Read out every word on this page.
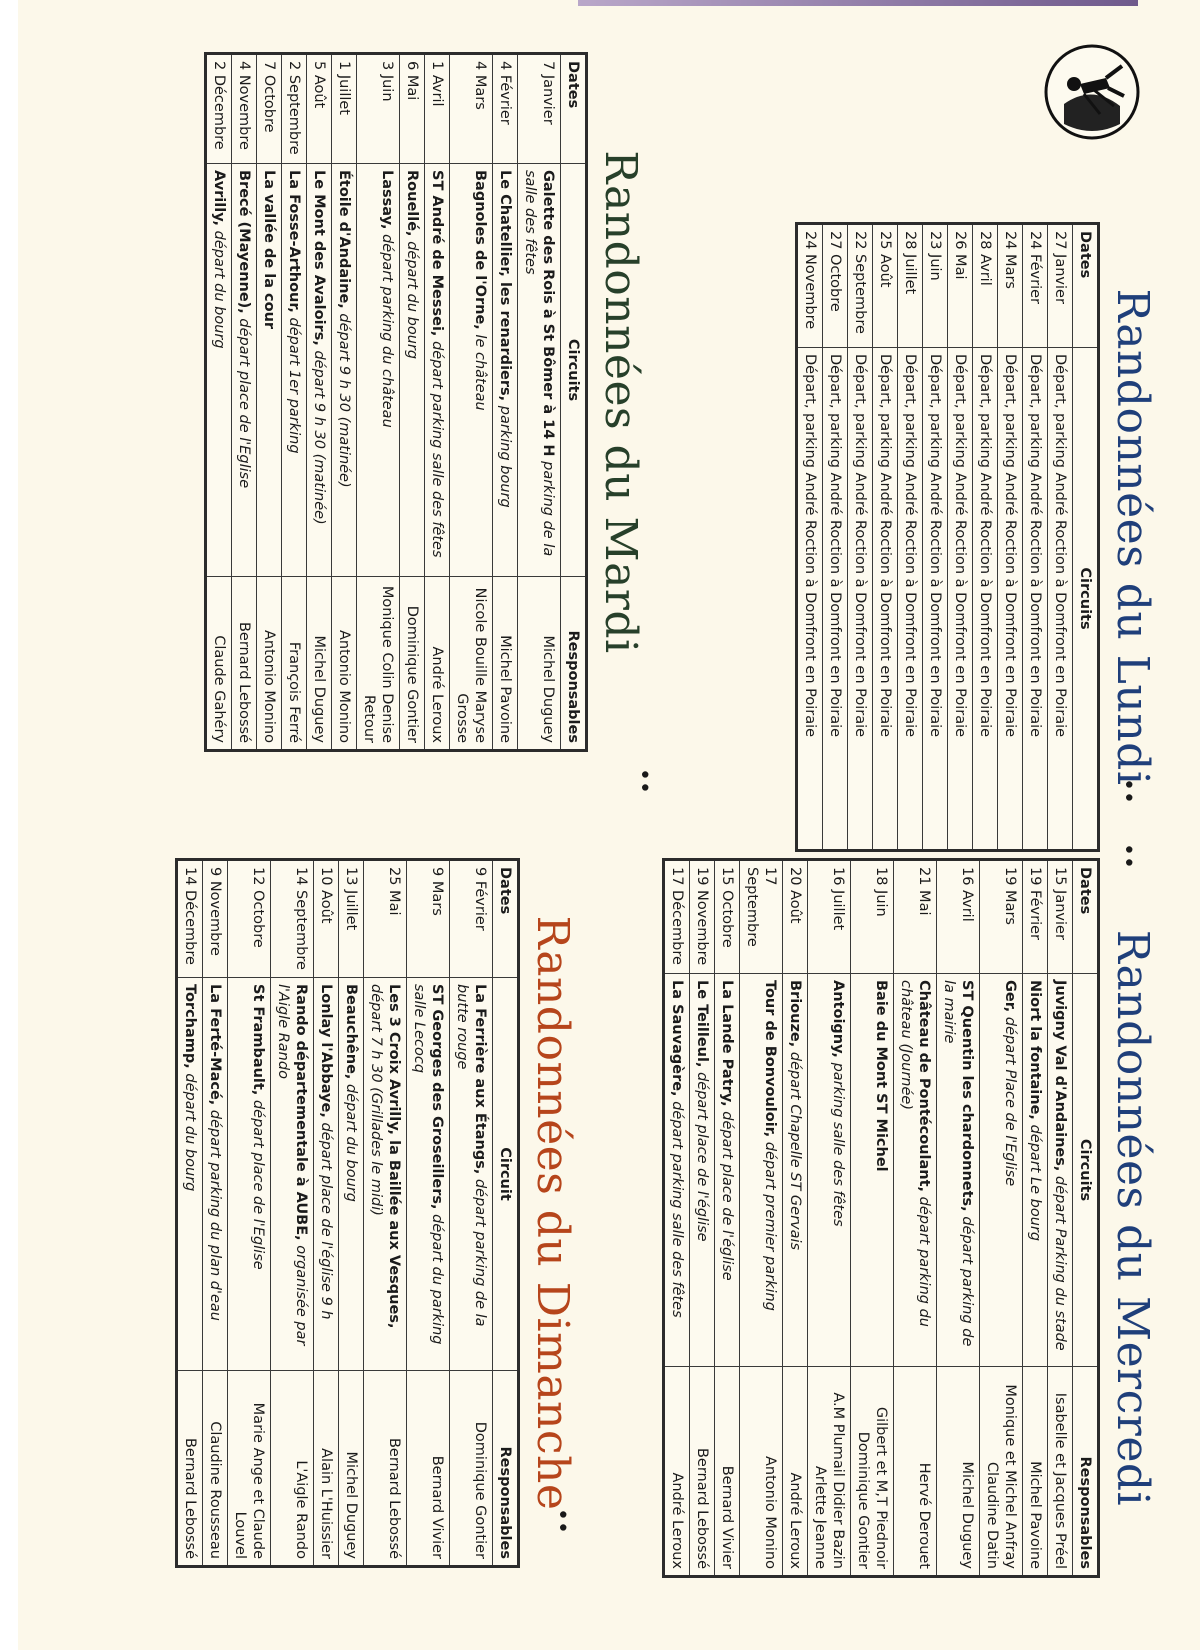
Randonnées du Lundi
Dates	Circuits
27 Janvier	Départ, parking André Roction à Domfront en Poiraie
24 Février	Départ, parking André Roction à Domfront en Poiraie
24 Mars	Départ, parking André Roction à Domfront en Poiraie
28 Avril	Départ, parking André Roction à Domfront en Poiraie
26 Mai	Départ, parking André Roction à Domfront en Poiraie
23 Juin	Départ, parking André Roction à Domfront en Poiraie
28 Juillet	Départ, parking André Roction à Domfront en Poiraie
25 Août	Départ, parking André Roction à Domfront en Poiraie
22 Septembre	Départ, parking André Roction à Domfront en Poiraie
27 Octobre	Départ, parking André Roction à Domfront en Poiraie
24 Novembre	Départ, parking André Roction à Domfront en Poiraie
Randonnées du Mardi
Dates	Circuits	Responsables
7 Janvier	Galette des Rois à St Bômer à 14 H parking de la salle des fêtes	Michel Duguey
4 Février	Le Chatellier, les renardiers, parking bourg	Michel Pavoine
4 Mars	Bagnoles de l'Orne, le château	Nicole Bouille Maryse Grosse
1 Avril	ST André de Messei, départ parking salle des fêtes	André Leroux
6 Mai	Rouellé, départ du bourg	Dominique Gontier
3 Juin	Lassay, départ parking du château	Monique Colin Denise Retour
1 Juillet	Étoile d'Andaine, départ 9 h 30 (matinée)	Antonio Monino
5 Août	Le Mont des Avaloirs, départ 9 h 30 (matinée)	Michel Duguey
2 Septembre	La Fosse-Arthour, départ 1er parking	François Ferré
7 Octobre	La vallée de la cour	Antonio Monino
4 Novembre	Brecé (Mayenne), départ place de l'Eglise	Bernard Lebossé
2 Décembre	Avrilly, départ du bourg	Claude Gahéry
Randonnées du Mercredi
Dates	Circuits	Responsables
15 Janvier	Juvigny Val d'Andaines, départ Parking du stade	Isabelle et Jacques Préel
19 Février	Niort la fontaine, départ Le bourg	Michel Pavoine
19 Mars	Ger, départ Place de l'Eglise	Monique et Michel Anfray Claudine Datin
16 Avril	ST Quentin les chardonnets, départ parking de la mairie	Michel Duguey
21 Mai	Château de Pontécoulant, départ parking du château (Journée)	Hervé Derouet
18 Juin	Baie du Mont ST Michel	Gilbert et M,T Piednoir Dominique Gontier
16 Juillet	Antoigny, parking salle des fêtes	A.M Plumail Didier Bazin Arlette Jeanne
20 Août	Briouze, départ Chapelle ST Gervais	André Leroux
17 Septembre	Tour de Bonvouloir, départ premier parking	Antonio Monino
15 Octobre	La Lande Patry, départ place de l'église	Bernard Vivier
19 Novembre	Le Teilleul, départ place de l'église	Bernard Lebossé
17 Décembre	La Sauvagère, départ parking salle des fêtes	André Leroux
Randonnées du Dimanche
Dates	Circuit	Responsables
9 Février	La Ferrière aux Étangs, départ parking de la butte rouge	Dominique Gontier
9 Mars	ST Georges des Groseillers, départ du parking salle Lecocq	Bernard Vivier
25 Mai	Les 3 Croix Avrilly, la Baillée aux Vesques, départ 7 h 30 (Grillades le midi)	Bernard Lebossé
13 Juillet	Beauchêne, départ du bourg	Michel Duguey
10 Août	Lonlay l'Abbaye, départ place de l'église 9 h	Alain L'Huissier
14 Septembre	Rando départementale à AUBE, organisée par l'Aigle Rando	L'Aigle Rando
12 Octobre	St Frambault, départ place de l'Eglise	Marie Ange et Claude Louvel
9 Novembre	La Ferté-Macé, départ parking du plan d'eau	Claudine Rousseau
14 Décembre	Torchamp, départ du bourg	Bernard Lebossé
••	••
••
••
